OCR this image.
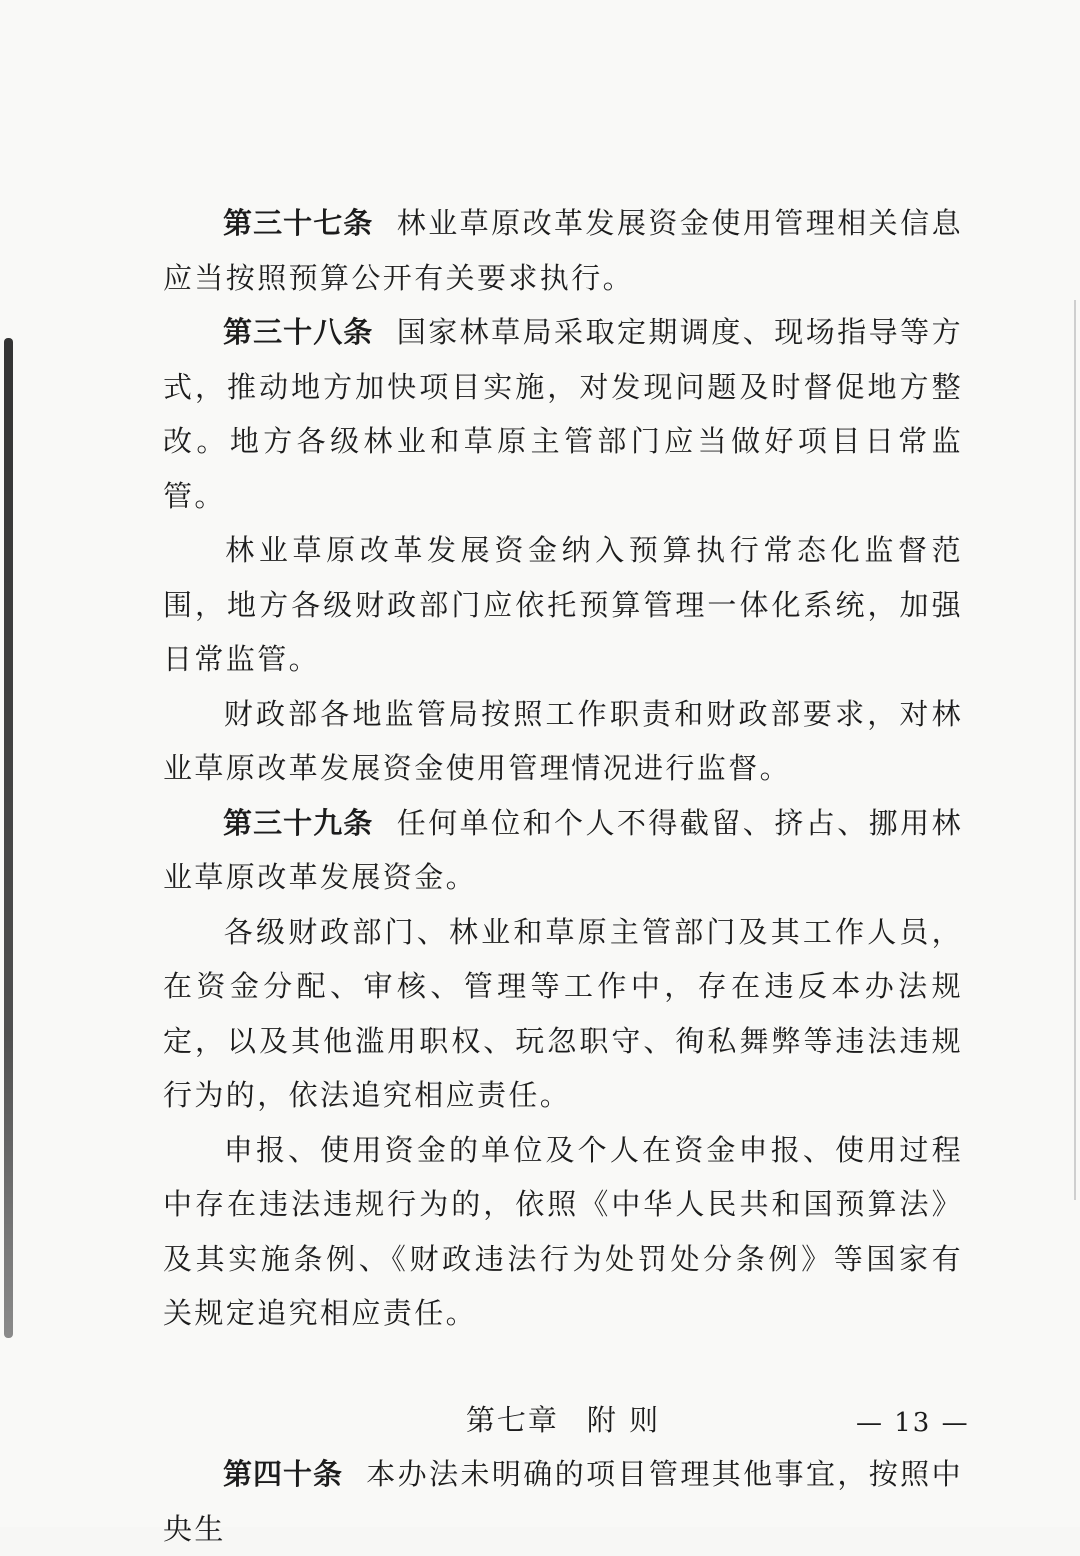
第三十七条 林业草原改革发展资金使用管理相关信息应当按照预算公开有关要求执行。

第三十八条 国家林草局采取定期调度、现场指导等方式，推动地方加快项目实施，对发现问题及时督促地方整改。地方各级林业和草原主管部门应当做好项目日常监管。

林业草原改革发展资金纳入预算执行常态化监督范围，地方各级财政部门应依托预算管理一体化系统，加强日常监管。

财政部各地监管局按照工作职责和财政部要求，对林业草原改革发展资金使用管理情况进行监督。

第三十九条 任何单位和个人不得截留、挤占、挪用林业草原改革发展资金。

各级财政部门、林业和草原主管部门及其工作人员，在资金分配、审核、管理等工作中，存在违反本办法规定，以及其他滥用职权、玩忽职守、徇私舞弊等违法违规行为的，依法追究相应责任。

申报、使用资金的单位及个人在资金申报、使用过程中存在违法违规行为的，依照《中华人民共和国预算法》及其实施条例、《财政违法行为处罚处分条例》等国家有关规定追究相应责任。

第七章 附 则

第四十条 本办法未明确的项目管理其他事宜，按照中央生

— 13 —
